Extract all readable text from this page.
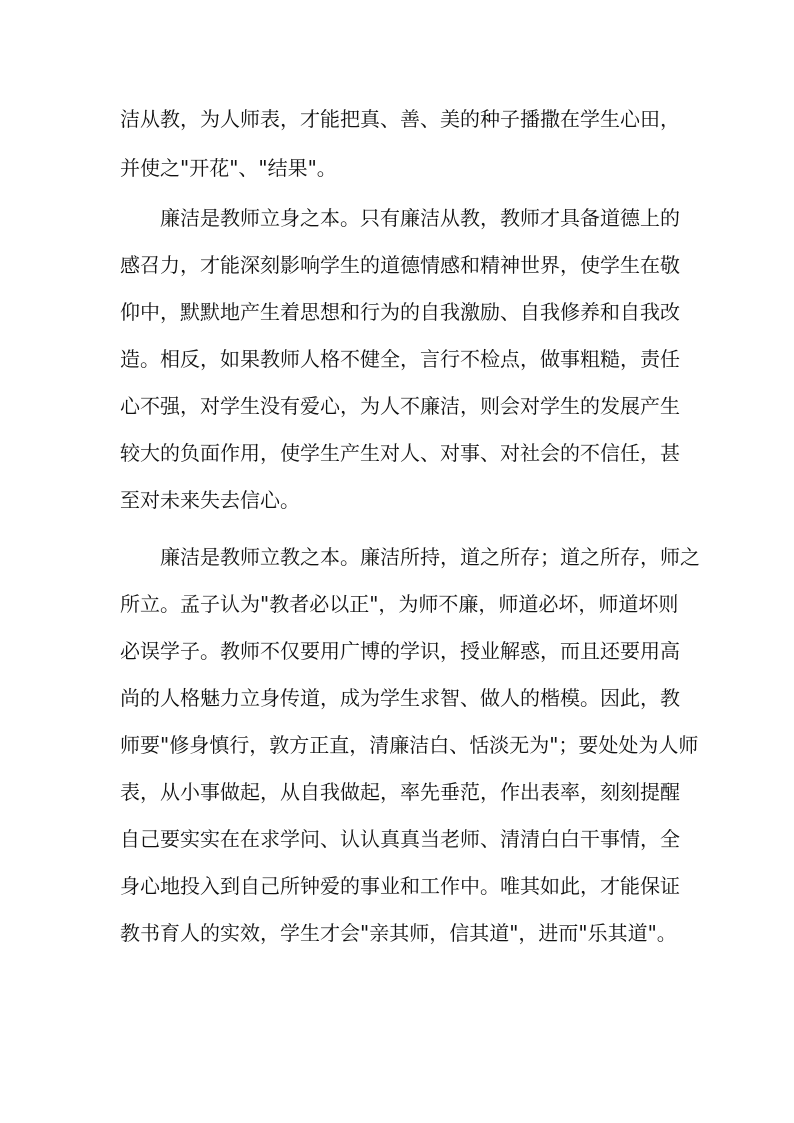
洁从教，为人师表，才能把真、善、美的种子播撒在学生心田，
并使之"开花"、"结果"。
廉洁是教师立身之本。只有廉洁从教，教师才具备道德上的
感召力，才能深刻影响学生的道德情感和精神世界，使学生在敬
仰中，默默地产生着思想和行为的自我激励、自我修养和自我改
造。相反，如果教师人格不健全，言行不检点，做事粗糙，责任
心不强，对学生没有爱心，为人不廉洁，则会对学生的发展产生
较大的负面作用，使学生产生对人、对事、对社会的不信任，甚
至对未来失去信心。
廉洁是教师立教之本。廉洁所持，道之所存；道之所存，师之
所立。孟子认为"教者必以正"，为师不廉，师道必坏，师道坏则
必误学子。教师不仅要用广博的学识，授业解惑，而且还要用高
尚的人格魅力立身传道，成为学生求智、做人的楷模。因此，教
师要"修身慎行，敦方正直，清廉洁白、恬淡无为"；要处处为人师
表，从小事做起，从自我做起，率先垂范，作出表率，刻刻提醒
自己要实实在在求学问、认认真真当老师、清清白白干事情，全
身心地投入到自己所钟爱的事业和工作中。唯其如此，才能保证
教书育人的实效，学生才会"亲其师，信其道"，进而"乐其道"。
